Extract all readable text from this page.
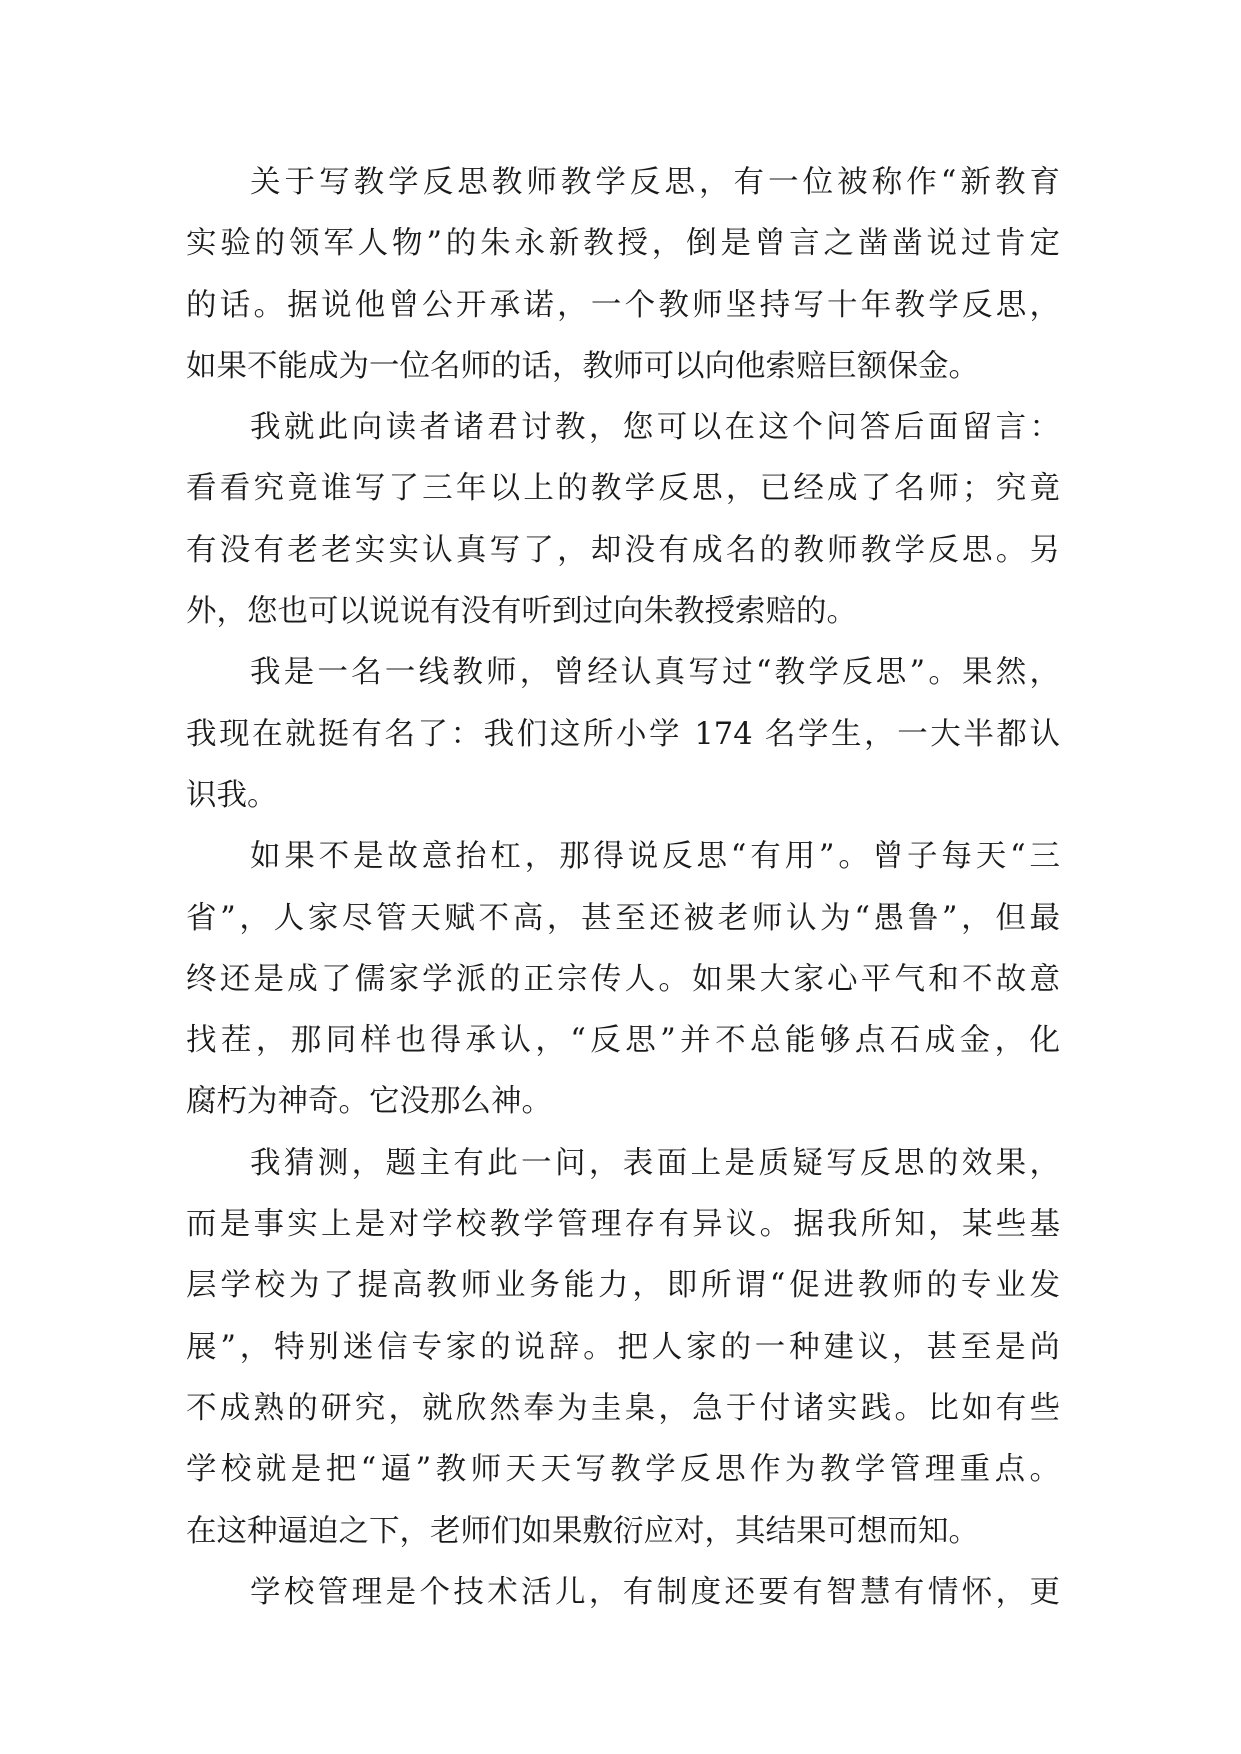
关于写教学反思教师教学反思，有一位被称作“新教育
实验的领军人物”的朱永新教授，倒是曾言之凿凿说过肯定
的话。据说他曾公开承诺，一个教师坚持写十年教学反思，
如果不能成为一位名师的话，教师可以向他索赔巨额保金。
我就此向读者诸君讨教，您可以在这个问答后面留言：
看看究竟谁写了三年以上的教学反思，已经成了名师；究竟
有没有老老实实认真写了，却没有成名的教师教学反思。另
外，您也可以说说有没有听到过向朱教授索赔的。
我是一名一线教师，曾经认真写过“教学反思”。果然，
我现在就挺有名了：我们这所小学 174 名学生，一大半都认
识我。
如果不是故意抬杠，那得说反思“有用”。曾子每天“三
省”，人家尽管天赋不高，甚至还被老师认为“愚鲁”，但最
终还是成了儒家学派的正宗传人。如果大家心平气和不故意
找茬，那同样也得承认，“反思”并不总能够点石成金，化
腐朽为神奇。它没那么神。
我猜测，题主有此一问，表面上是质疑写反思的效果，
而是事实上是对学校教学管理存有异议。据我所知，某些基
层学校为了提高教师业务能力，即所谓“促进教师的专业发
展”，特别迷信专家的说辞。把人家的一种建议，甚至是尚
不成熟的研究，就欣然奉为圭臬，急于付诸实践。比如有些
学校就是把“逼”教师天天写教学反思作为教学管理重点。
在这种逼迫之下，老师们如果敷衍应对，其结果可想而知。
学校管理是个技术活儿，有制度还要有智慧有情怀，更
